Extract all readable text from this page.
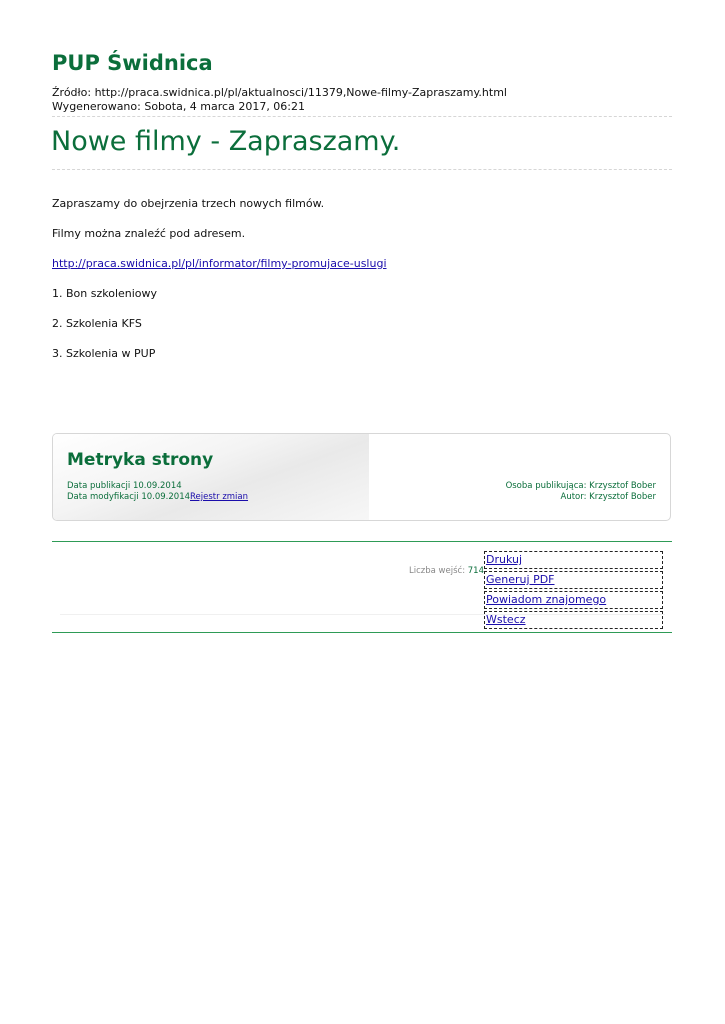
PUP Świdnica
Źródło: http://praca.swidnica.pl/pl/aktualnosci/11379,Nowe-filmy-Zapraszamy.html
Wygenerowano: Sobota, 4 marca 2017, 06:21
Nowe filmy - Zapraszamy.

Zapraszamy do obejrzenia trzech nowych filmów.

Filmy można znaleźć pod adresem.

http://praca.swidnica.pl/pl/informator/filmy-promujace-uslugi

1. Bon szkoleniowy

2. Szkolenia KFS

3. Szkolenia w PUP

Metryka strony
Data publikacji 10.09.2014
Data modyfikacji 10.09.2014Rejestr zmian
Osoba publikująca: Krzysztof Bober
Autor: Krzysztof Bober
Liczba wejść: 714
Drukuj
Generuj PDF
Powiadom znajomego
Wstecz
